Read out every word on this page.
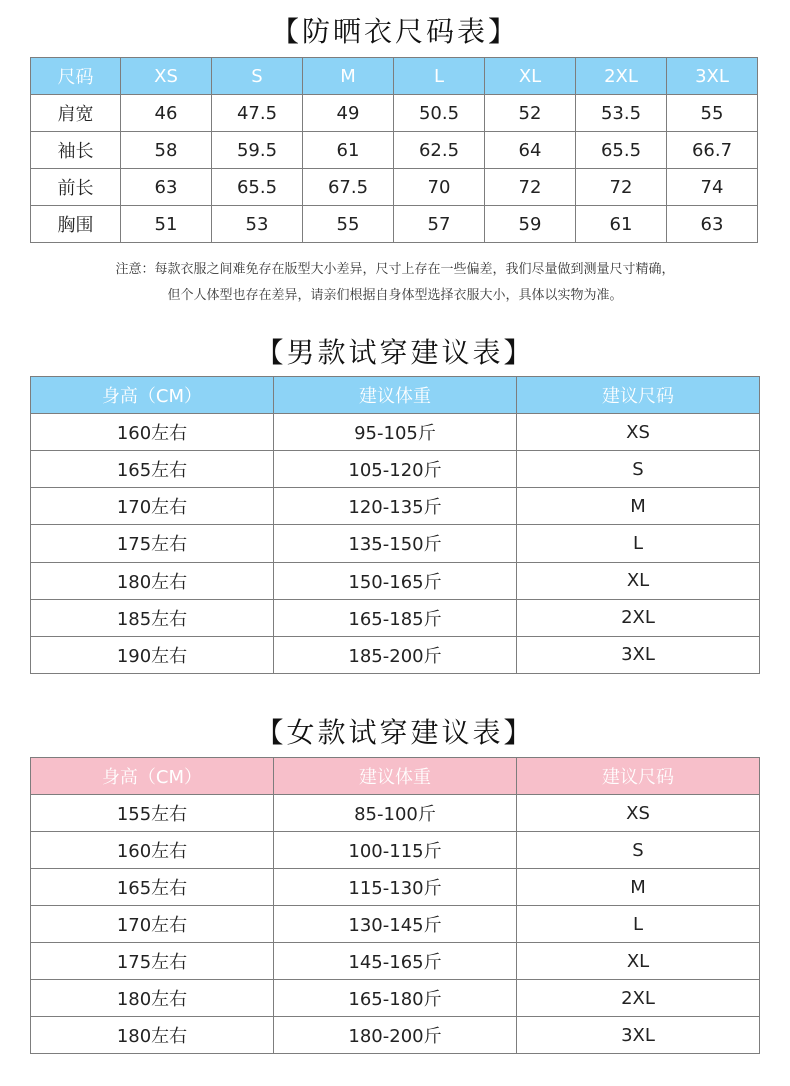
【防晒衣尺码表】
尺码	XS	S	M	L	XL	2XL	3XL
肩宽	46	47.5	49	50.5	52	53.5	55
袖长	58	59.5	61	62.5	64	65.5	66.7
前长	63	65.5	67.5	70	72	72	74
胸围	51	53	55	57	59	61	63

注意：每款衣服之间难免存在版型大小差异，尺寸上存在一些偏差，我们尽量做到测量尺寸精确，

但个人体型也存在差异，请亲们根据自身体型选择衣服大小，具体以实物为准。

【男款试穿建议表】
身高（CM）	建议体重	建议尺码
160左右	95-105斤	XS
165左右	105-120斤	S
170左右	120-135斤	M
175左右	135-150斤	L
180左右	150-165斤	XL
185左右	165-185斤	2XL
190左右	185-200斤	3XL
【女款试穿建议表】
身高（CM）	建议体重	建议尺码
155左右	85-100斤	XS
160左右	100-115斤	S
165左右	115-130斤	M
170左右	130-145斤	L
175左右	145-165斤	XL
180左右	165-180斤	2XL
180左右	180-200斤	3XL
